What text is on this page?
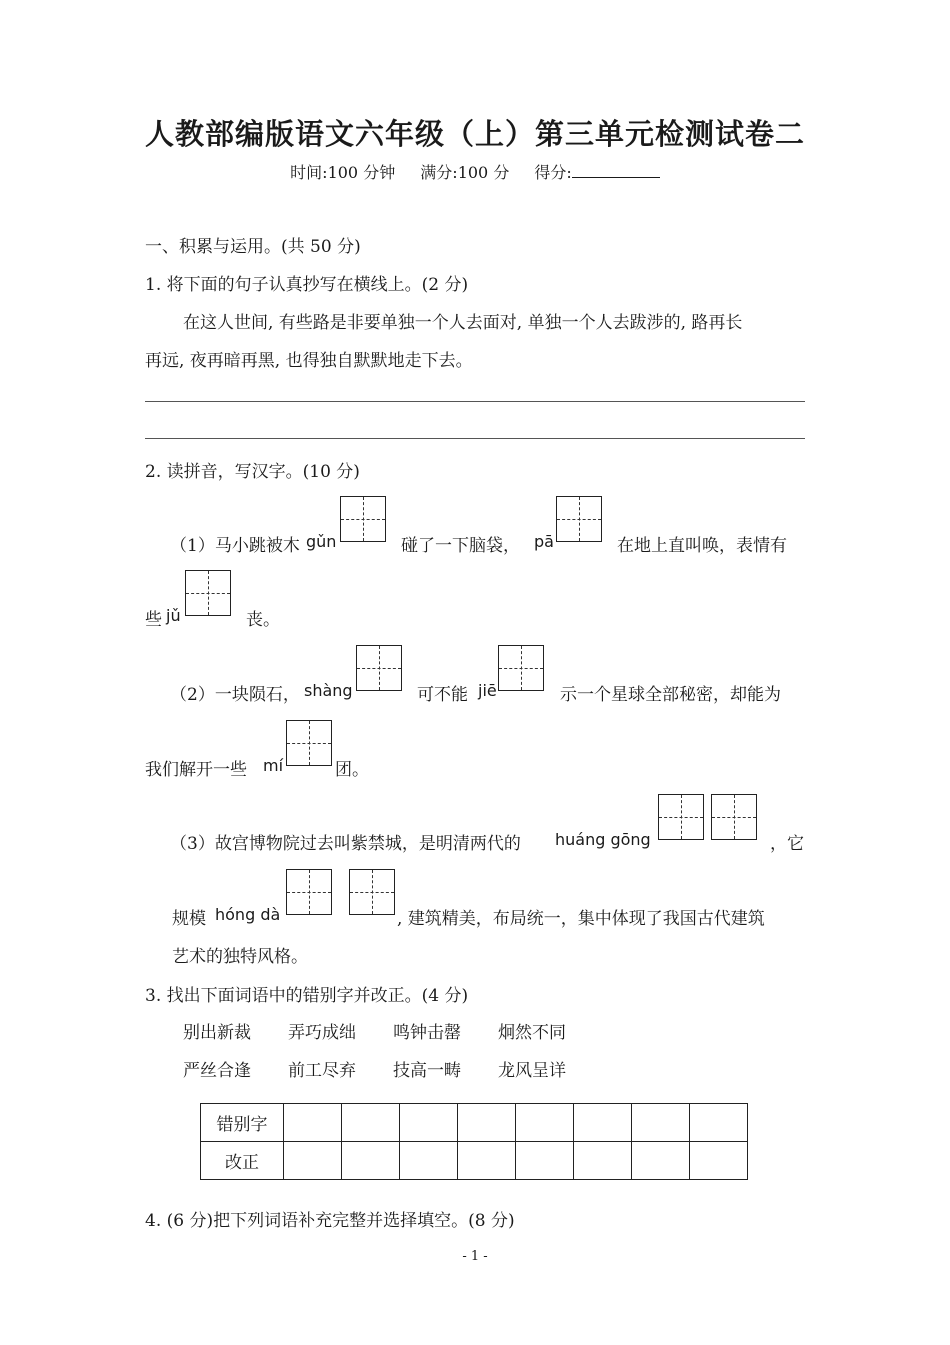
人教部编版语文六年级（上）第三单元检测试卷二
时间:100 分钟 满分:100 分 得分:
一、积累与运用。(共 50 分)
1. 将下面的句子认真抄写在横线上。(2 分)
在这人世间, 有些路是非要单独一个人去面对, 单独一个人去跋涉的, 路再长
再远, 夜再暗再黑, 也得独自默默地走下去。
2. 读拼音，写汉字。(10 分)
（1）马小跳被木 gǔn	碰了一下脑袋， pā	在地上直叫唤，表情有
些 jǔ	丧。
（2）一块陨石， shàng	可不能 jiē	示一个星球全部秘密，却能为
我们解开一些 mí	团。
（3）故宫博物院过去叫紫禁城，是明清两代的 huáng gōng	，它
规模 hóng dà	, 建筑精美，布局统一，集中体现了我国古代建筑
艺术的独特风格。
3. 找出下面词语中的错别字并改正。(4 分)
别出新裁 弄巧成绌 鸣钟击罄 炯然不同
严丝合逢 前工尽弃 技高一畴 龙风呈详
错别字								
改正								
4. (6 分)把下列词语补充完整并选择填空。(8 分)
- 1 -
